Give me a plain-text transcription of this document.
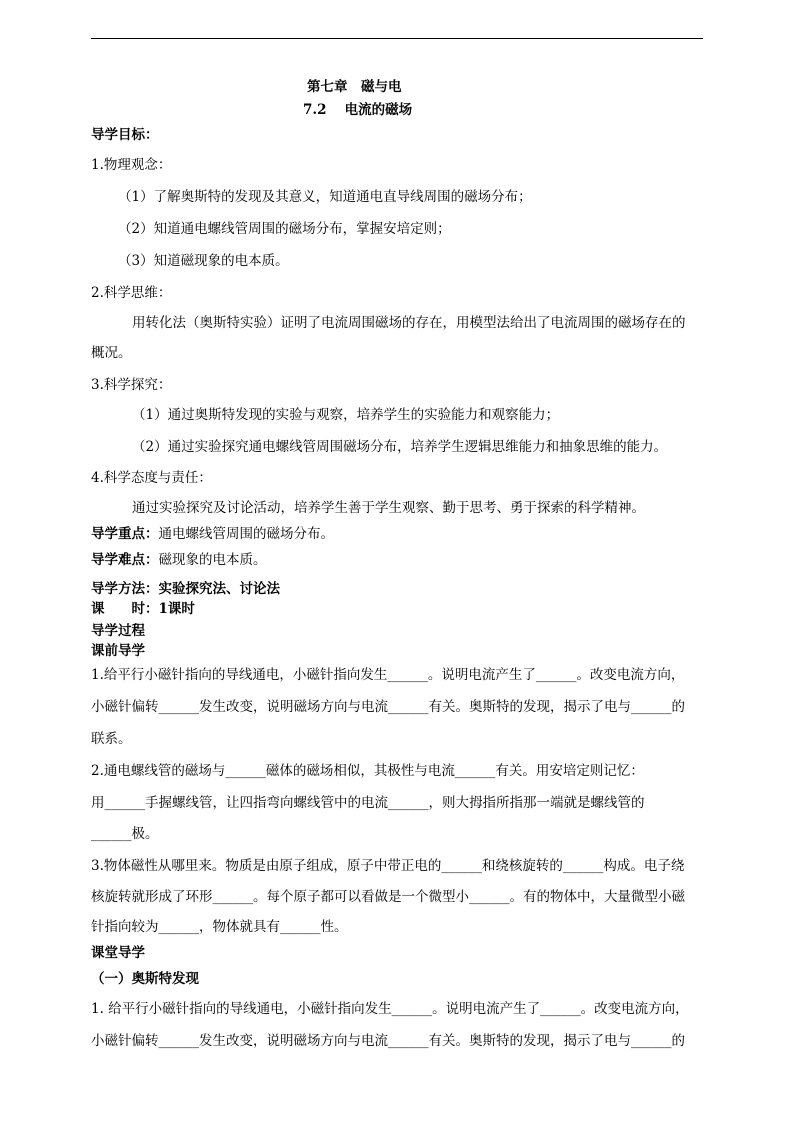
第七章　磁与电
7.2　 电流的磁场
导学目标：
1.物理观念：
（1）了解奥斯特的发现及其意义，知道通电直导线周围的磁场分布；
（2）知道通电螺线管周围的磁场分布，掌握安培定则；
（3）知道磁现象的电本质。
2.科学思维：
用转化法（奥斯特实验）证明了电流周围磁场的存在，用模型法给出了电流周围的磁场存在的
概况。
3.科学探究：
（1）通过奥斯特发现的实验与观察，培养学生的实验能力和观察能力；
（2）通过实验探究通电螺线管周围磁场分布，培养学生逻辑思维能力和抽象思维的能力。
4.科学态度与责任：
通过实验探究及讨论活动，培养学生善于学生观察、勤于思考、勇于探索的科学精神。
导学重点：通电螺线管周围的磁场分布。
导学难点：磁现象的电本质。
导学方法：实验探究法、讨论法
课　　时：1课时
导学过程
课前导学
1.给平行小磁针指向的导线通电，小磁针指向发生______。说明电流产生了______。改变电流方向，
小磁针偏转______发生改变，说明磁场方向与电流______有关。奥斯特的发现，揭示了电与______的
联系。
2.通电螺线管的磁场与______磁体的磁场相似，其极性与电流______有关。用安培定则记忆：
用______手握螺线管，让四指弯向螺线管中的电流______，则大拇指所指那一端就是螺线管的
______极。
3.物体磁性从哪里来。物质是由原子组成，原子中带正电的______和绕核旋转的______构成。电子绕
核旋转就形成了环形______。每个原子都可以看做是一个微型小______。有的物体中，大量微型小磁
针指向较为______，物体就具有______性。
课堂导学
（一）奥斯特发现
1. 给平行小磁针指向的导线通电，小磁针指向发生______。说明电流产生了______。改变电流方向，
小磁针偏转______发生改变，说明磁场方向与电流______有关。奥斯特的发现，揭示了电与______的
